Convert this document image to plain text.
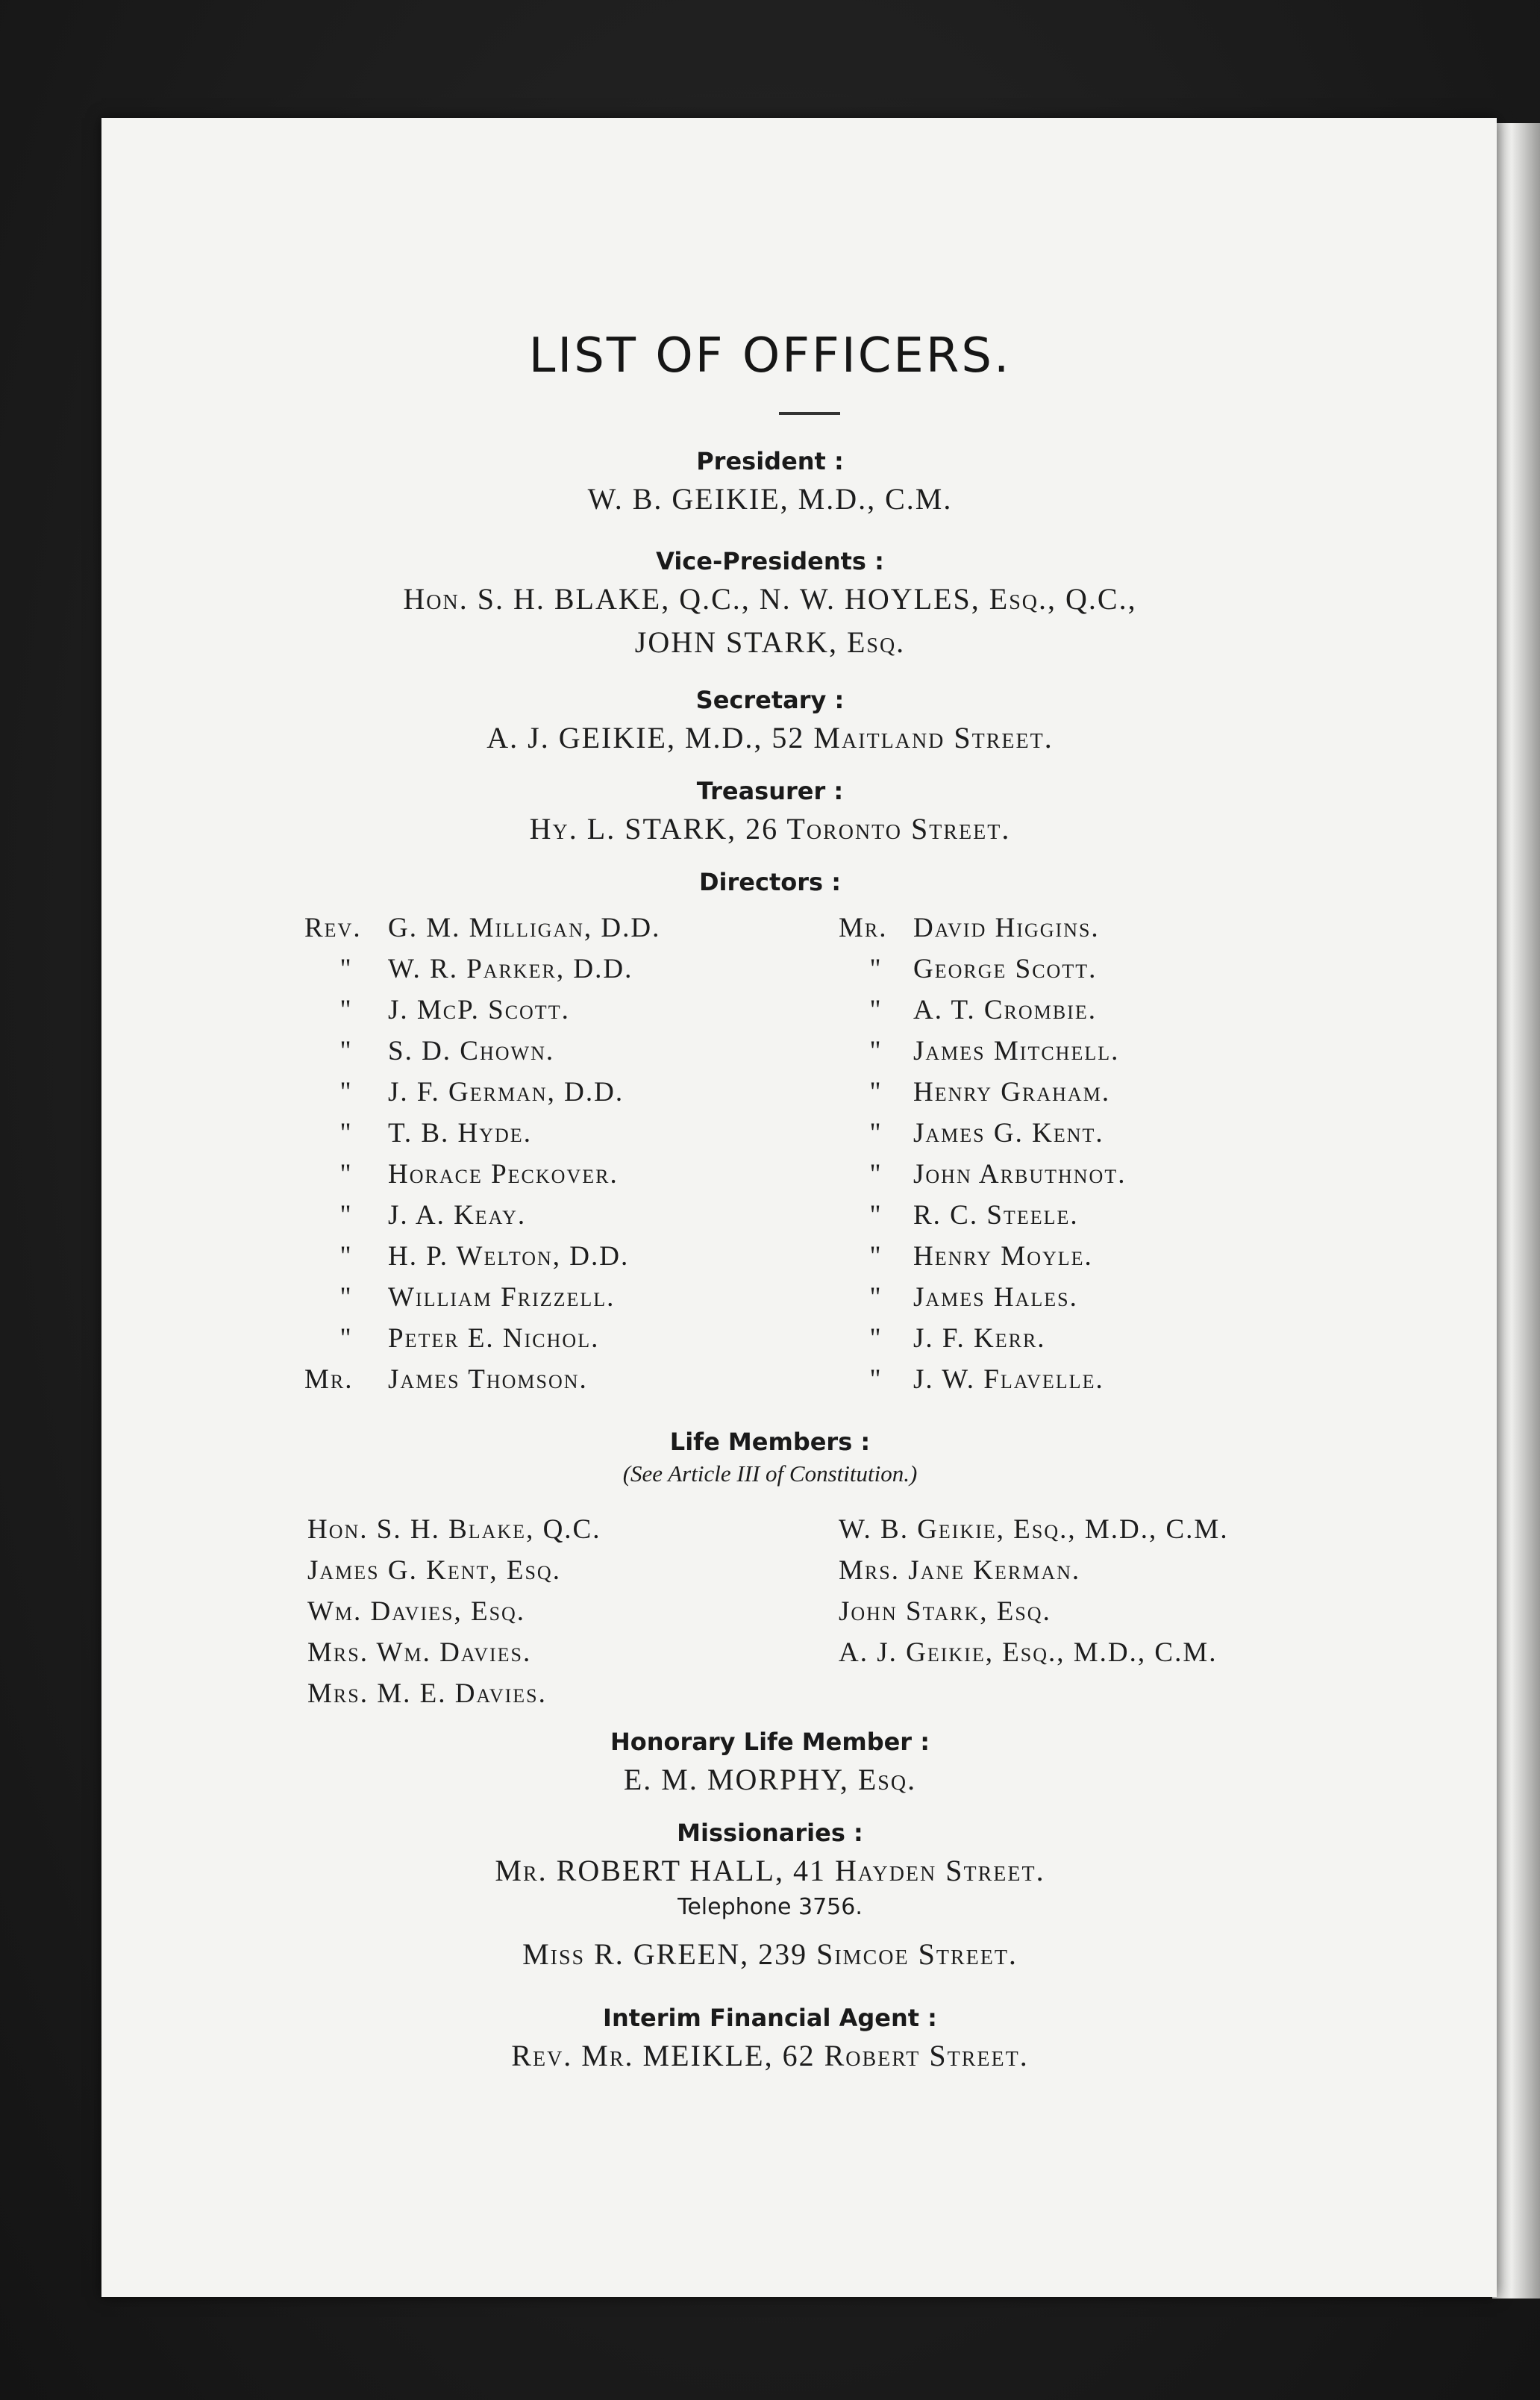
LIST OF OFFICERS.
President :
W. B. GEIKIE, M.D., C.M.
Vice-Presidents :
Hon. S. H. BLAKE, Q.C., N. W. HOYLES, Esq., Q.C.,
JOHN STARK, Esq.
Secretary :
A. J. GEIKIE, M.D., 52 Maitland Street.
Treasurer :
Hy. L. STARK, 26 Toronto Street.
Directors :
Rev. G. M. Milligan, D.D.
" W. R. Parker, D.D.
" J. McP. Scott.
" S. D. Chown.
" J. F. German, D.D.
" T. B. Hyde.
" Horace Peckover.
" J. A. Keay.
" H. P. Welton, D.D.
" William Frizzell.
" Peter E. Nichol.
Mr. James Thomson.
Mr. David Higgins.
" George Scott.
" A. T. Crombie.
" James Mitchell.
" Henry Graham.
" James G. Kent.
" John Arbuthnot.
" R. C. Steele.
" Henry Moyle.
" James Hales.
" J. F. Kerr.
" J. W. Flavelle.
Life Members :
(See Article III of Constitution.)
Hon. S. H. Blake, Q.C.
James G. Kent, Esq.
Wm. Davies, Esq.
Mrs. Wm. Davies.
Mrs. M. E. Davies.
W. B. Geikie, Esq., M.D., C.M.
Mrs. Jane Kerman.
John Stark, Esq.
A. J. Geikie, Esq., M.D., C.M.
Honorary Life Member :
E. M. MORPHY, Esq.
Missionaries :
Mr. ROBERT HALL, 41 Hayden Street.
Telephone 3756.
Miss R. GREEN, 239 Simcoe Street.
Interim Financial Agent :
Rev. Mr. MEIKLE, 62 Robert Street.
